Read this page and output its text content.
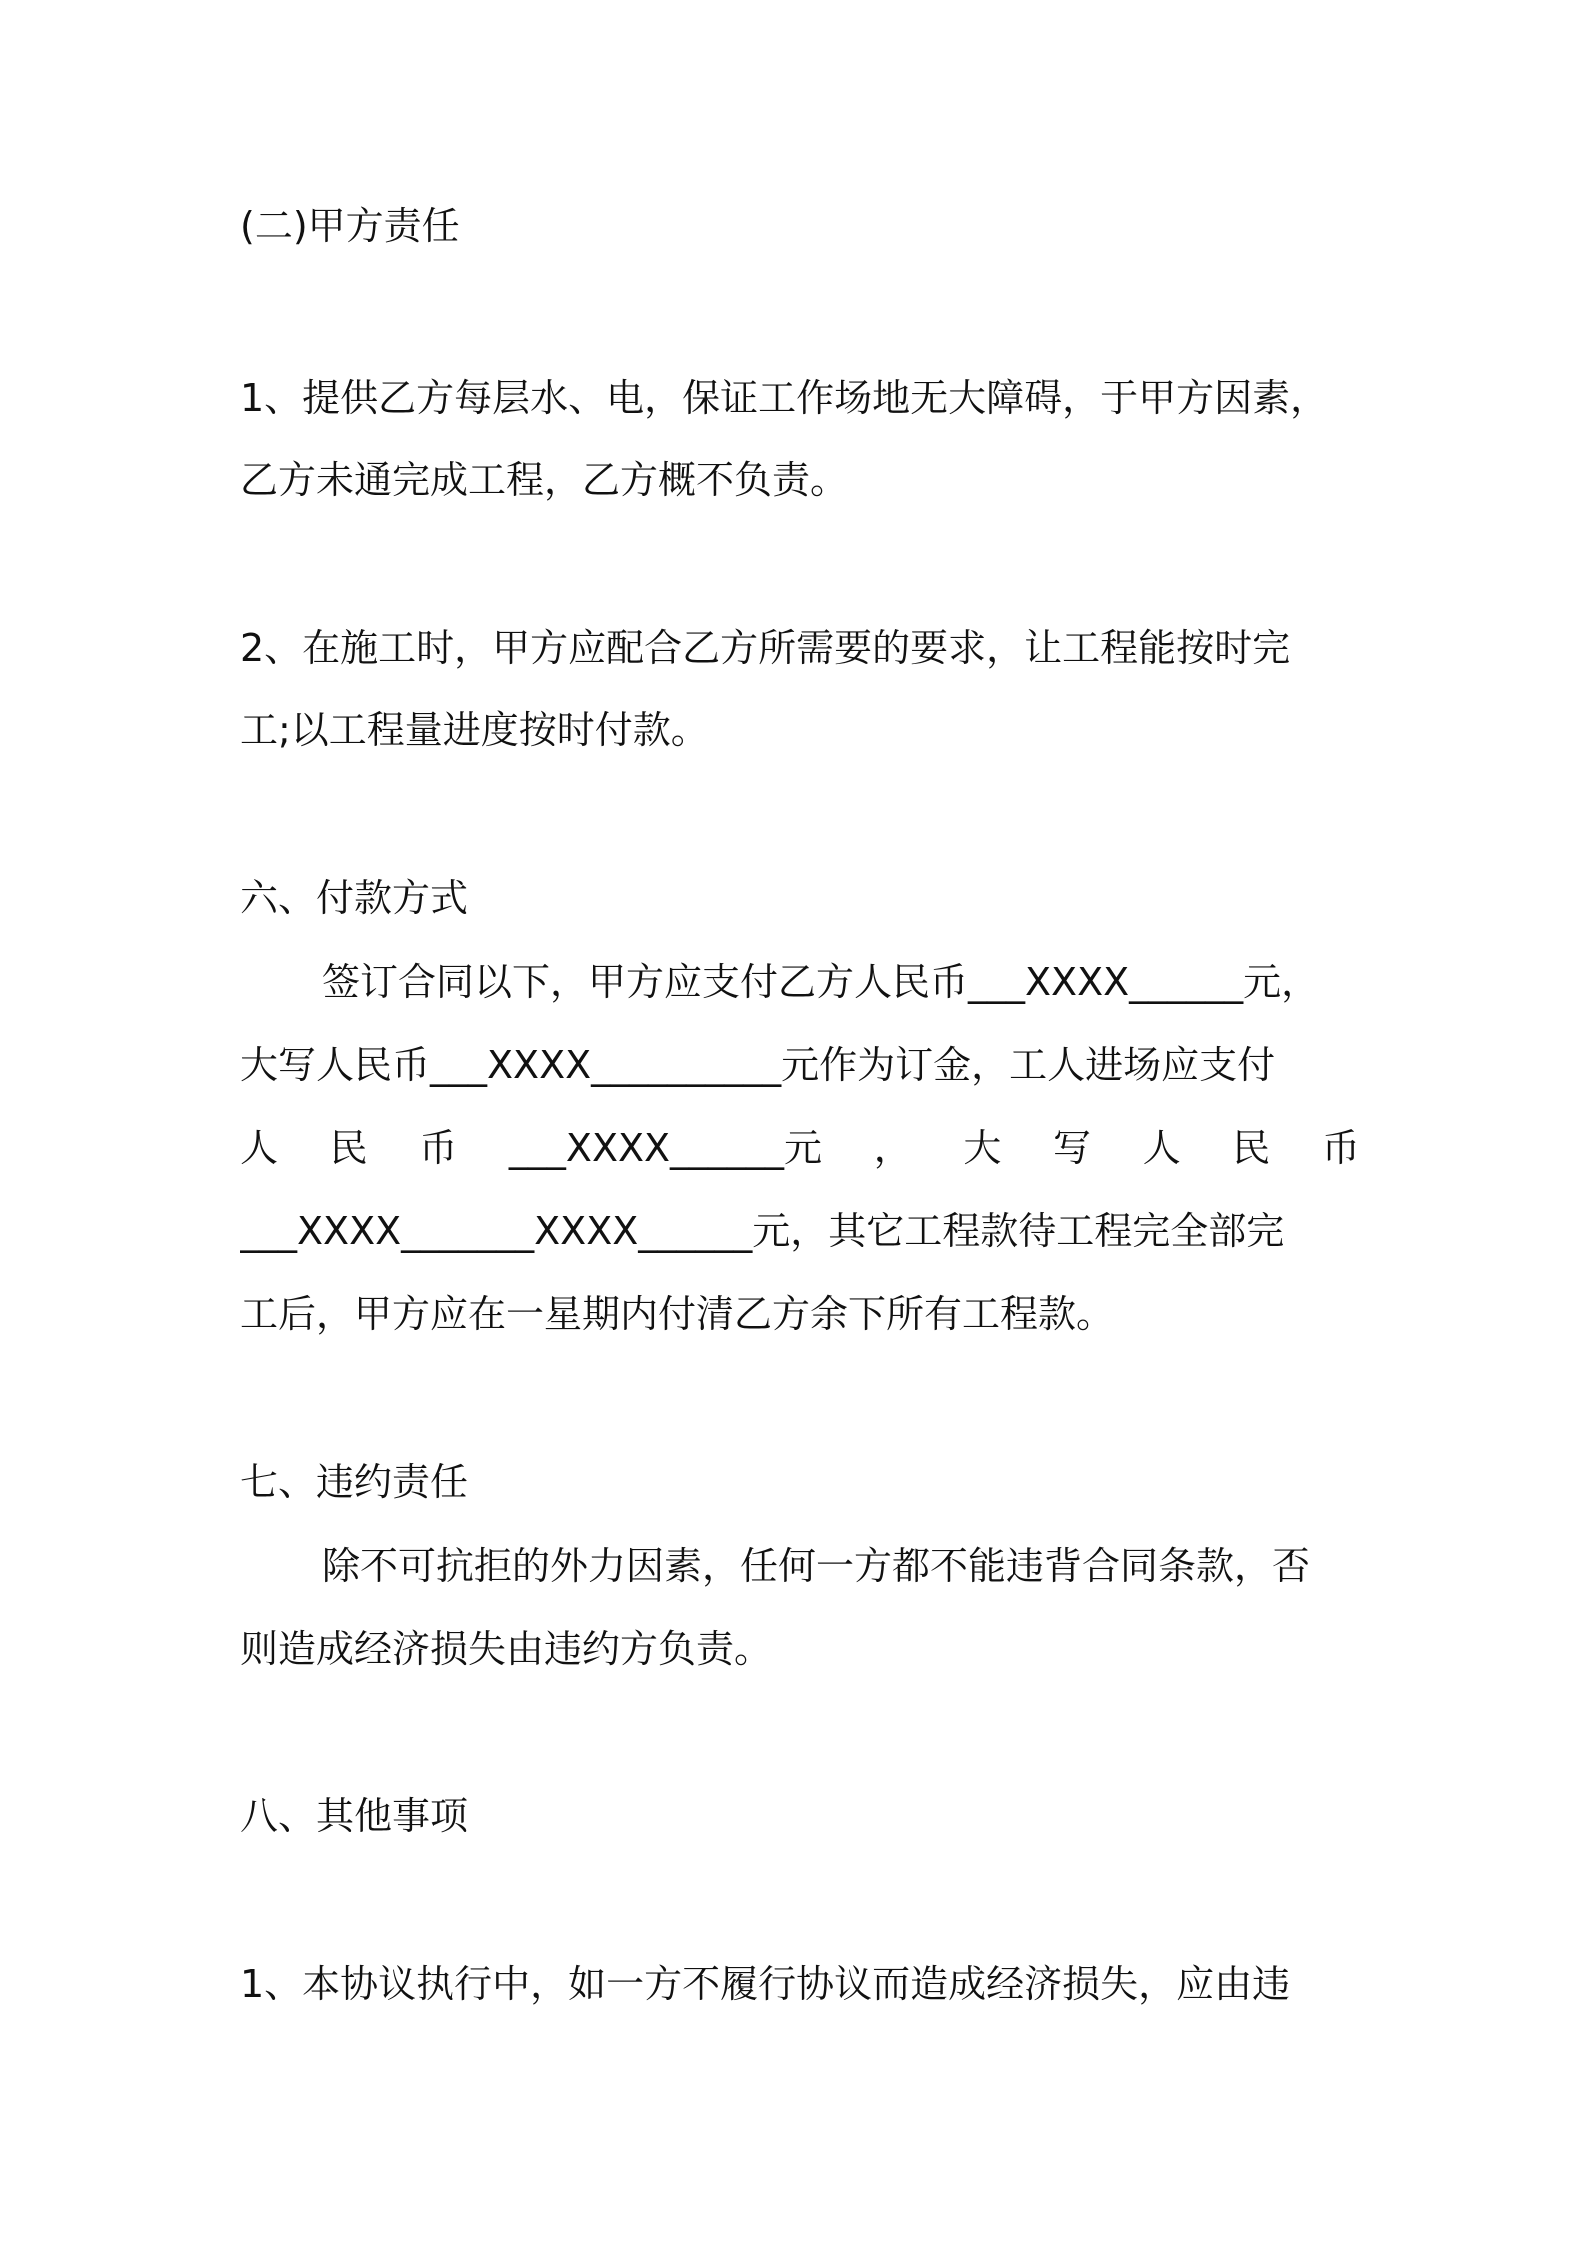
(二)甲方责任
1、提供乙方每层水、电，保证工作场地无大障碍，于甲方因素，
乙方未通完成工程，乙方概不负责。
2、在施工时，甲方应配合乙方所需要的要求，让工程能按时完
工;以工程量进度按时付款。
六、付款方式
签订合同以下，甲方应支付乙方人民币___XXXX______元，
大写人民币___XXXX__________元作为订金，工人进场应支付
人 民 币 ___XXXX______元 ， 大 写 人 民 币
___XXXX_______XXXX______元，其它工程款待工程完全部完
工后，甲方应在一星期内付清乙方余下所有工程款。
七、违约责任
除不可抗拒的外力因素，任何一方都不能违背合同条款，否
则造成经济损失由违约方负责。
八、其他事项
1、本协议执行中，如一方不履行协议而造成经济损失，应由违
